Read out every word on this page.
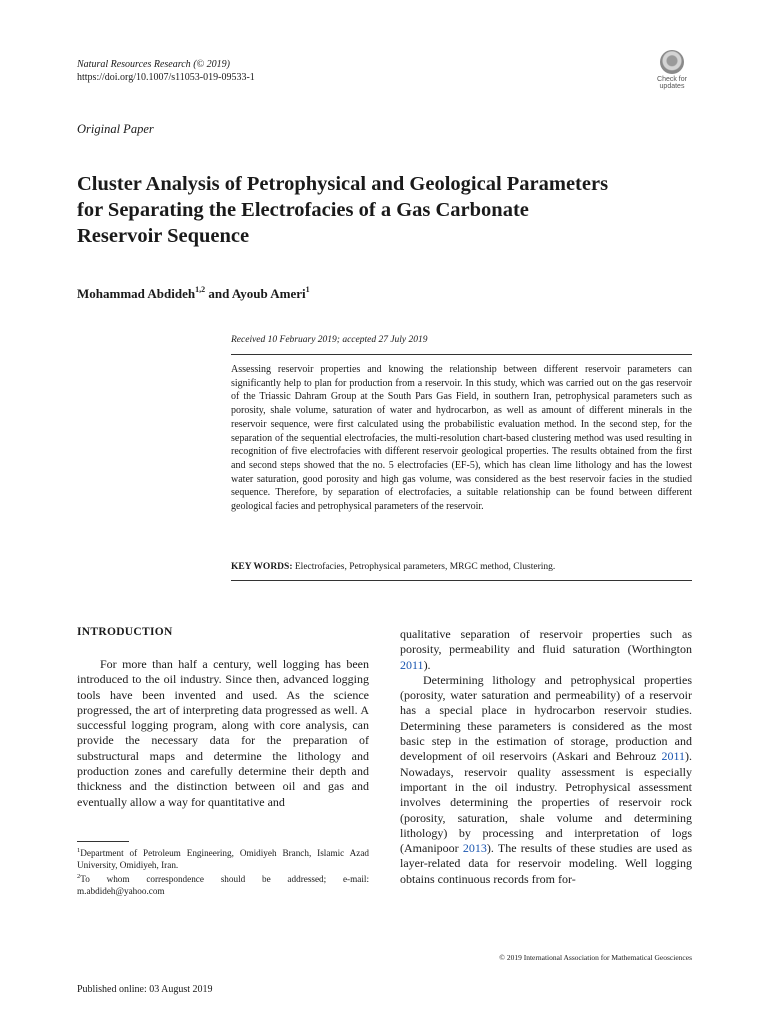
Natural Resources Research (© 2019)
https://doi.org/10.1007/s11053-019-09533-1	Check for
updates
Original Paper
Cluster Analysis of Petrophysical and Geological Parameters
for Separating the Electrofacies of a Gas Carbonate
Reservoir Sequence
Mohammad Abdideh$^{1,2}$ and Ayoub Ameri$^1$
Received 10 February 2019; accepted 27 July 2019
Assessing reservoir properties and knowing the relationship between different reservoir parameters can significantly help to plan for production from a reservoir. In this study, which was carried out on the gas reservoir of the Triassic Dahram Group at the South Pars Gas Field, in southern Iran, petrophysical parameters such as porosity, shale volume, saturation of water and hydrocarbon, as well as amount of different minerals in the reservoir sequence, were first calculated using the probabilistic evaluation method. In the second step, for the separation of the sequential electrofacies, the multi-resolution chart-based clustering method was used resulting in recognition of five electrofacies with different reservoir geological properties. The results obtained from the first and second steps showed that the no. 5 electrofacies (EF-5), which has clean lime lithology and has the lowest water saturation, good porosity and high gas volume, was considered as the best reservoir facies in the studied sequence. Therefore, by separation of electrofacies, a suitable relationship can be found between different geological facies and petrophysical parameters of the reservoir.
KEY WORDS: Electrofacies, Petrophysical parameters, MRGC method, Clustering.
INTRODUCTION
For more than half a century, well logging has been introduced to the oil industry. Since then, advanced logging tools have been invented and used. As the science progressed, the art of interpreting data progressed as well. A successful logging program, along with core analysis, can provide the necessary data for the preparation of substructural maps and determine the lithology and production zones and carefully determine their depth and thickness and the distinction between oil and gas and eventually allow a way for quantitative and

qualitative separation of reservoir properties such as porosity, permeability and fluid saturation (Worthington 2011).

Determining lithology and petrophysical properties (porosity, water saturation and permeability) of a reservoir has a special place in hydrocarbon reservoir studies. Determining these parameters is considered as the most basic step in the estimation of storage, production and development of oil reservoirs (Askari and Behrouz 2011). Nowadays, reservoir quality assessment is especially important in the oil industry. Petrophysical assessment involves determining the properties of reservoir rock (porosity, saturation, shale volume and determining lithology) by processing and interpretation of logs (Amanipoor 2013). The results of these studies are used as layer-related data for reservoir modeling. Well logging obtains continuous records from for-

$^1$Department of Petroleum Engineering, Omidiyeh Branch, Islamic Azad University, Omidiyeh, Iran.
$^2$To whom correspondence should be addressed; e-mail: m.abdideh@yahoo.com
© 2019 International Association for Mathematical Geosciences
Published online: 03 August 2019
